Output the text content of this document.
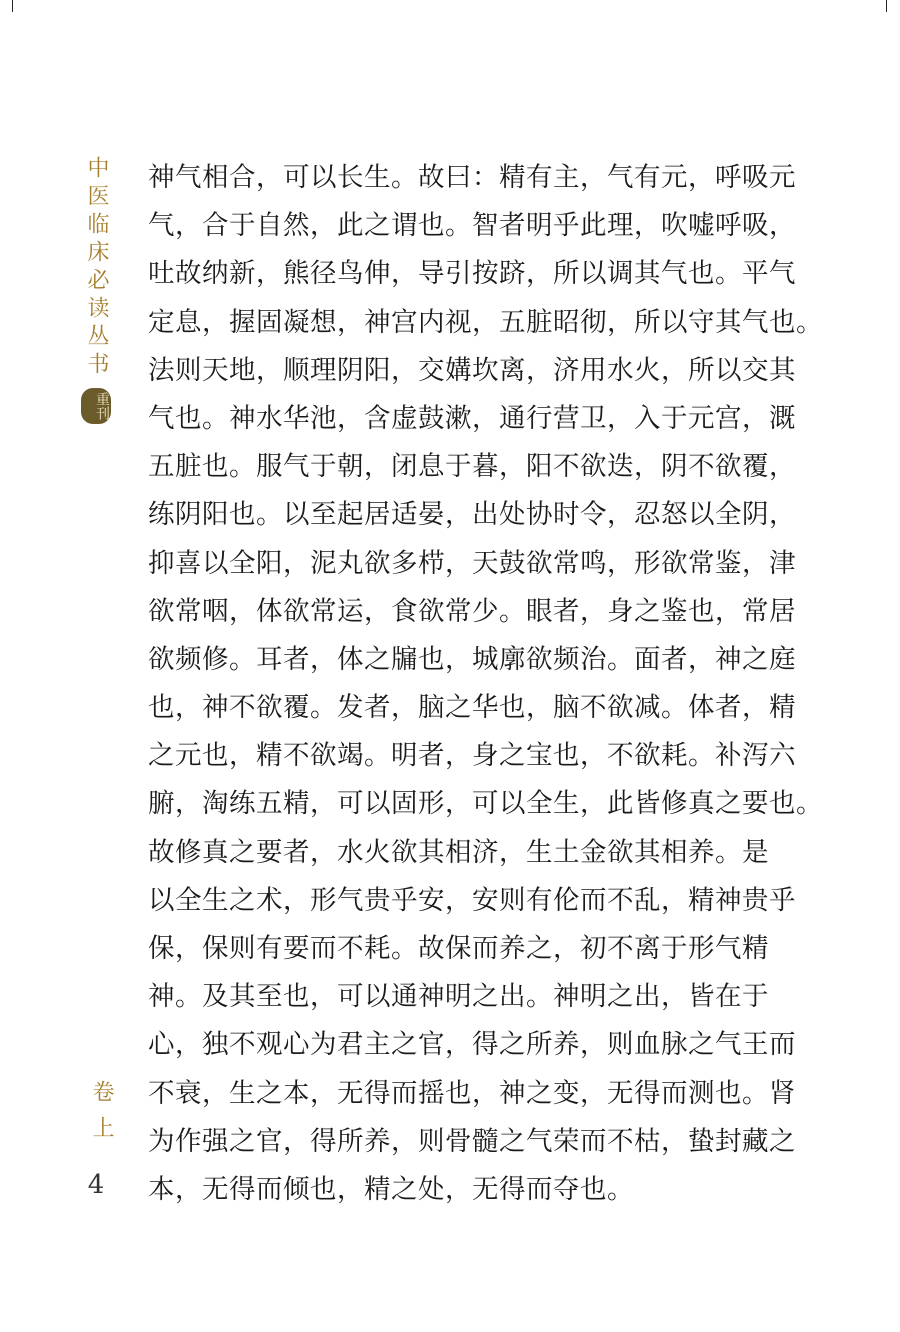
中医临床必读丛书
重刊
卷上
4
神气相合，可以长生。故曰：精有主，气有元，呼吸元
气，合于自然，此之谓也。智者明乎此理，吹嘘呼吸，
吐故纳新，熊径鸟伸，导引按跻，所以调其气也。平气
定息，握固凝想，神宫内视，五脏昭彻，所以守其气也。
法则天地，顺理阴阳，交媾坎离，济用水火，所以交其
气也。神水华池，含虚鼓漱，通行营卫，入于元宫，溉
五脏也。服气于朝，闭息于暮，阳不欲迭，阴不欲覆，
练阴阳也。以至起居适晏，出处协时令，忍怒以全阴，
抑喜以全阳，泥丸欲多栉，天鼓欲常鸣，形欲常鉴，津
欲常咽，体欲常运，食欲常少。眼者，身之鉴也，常居
欲频修。耳者，体之牖也，城廓欲频治。面者，神之庭
也，神不欲覆。发者，脑之华也，脑不欲减。体者，精
之元也，精不欲竭。明者，身之宝也，不欲耗。补泻六
腑，淘练五精，可以固形，可以全生，此皆修真之要也。
故修真之要者，水火欲其相济，生土金欲其相养。是
以全生之术，形气贵乎安，安则有伦而不乱，精神贵乎
保，保则有要而不耗。故保而养之，初不离于形气精
神。及其至也，可以通神明之出。神明之出，皆在于
心，独不观心为君主之官，得之所养，则血脉之气王而
不衰，生之本，无得而摇也，神之变，无得而测也。肾
为作强之官，得所养，则骨髓之气荣而不枯，蛰封藏之
本，无得而倾也，精之处，无得而夺也。
